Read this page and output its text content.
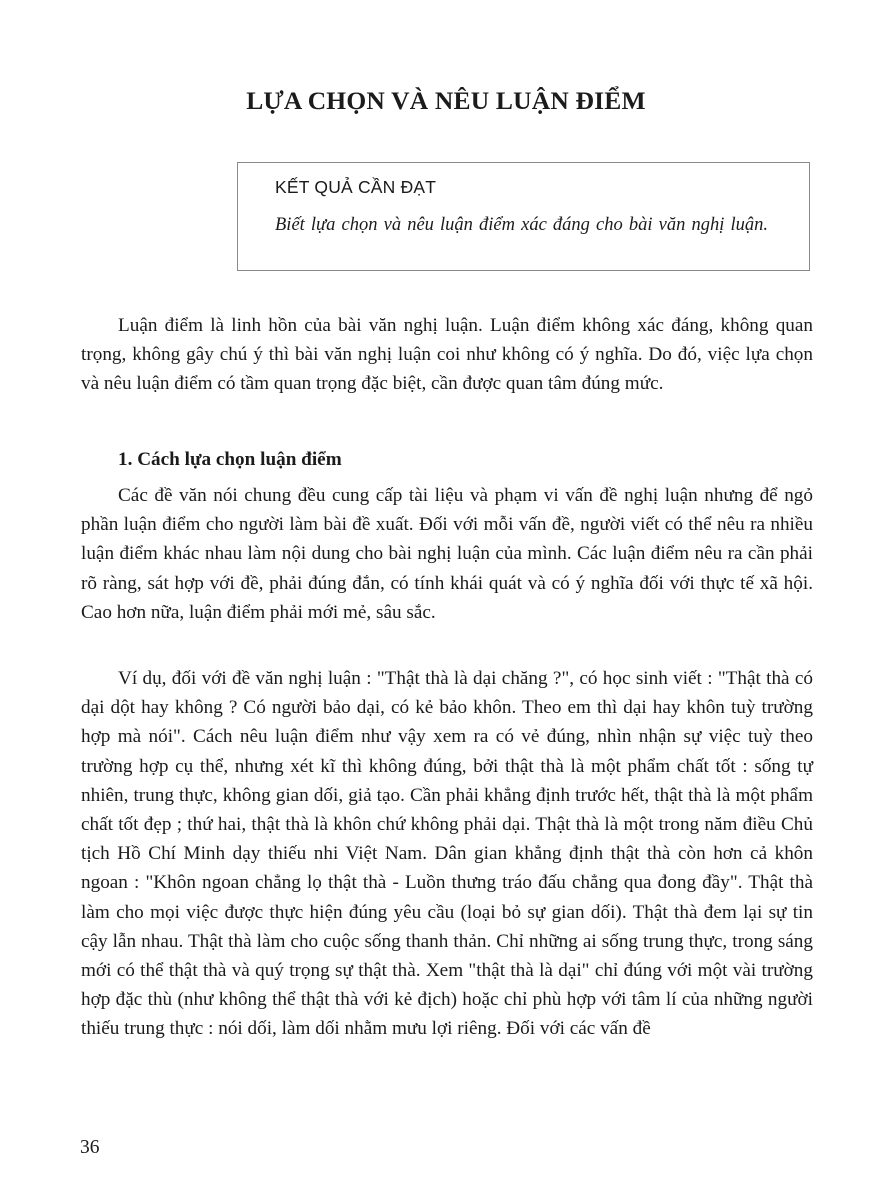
LỰA CHỌN VÀ NÊU LUẬN ĐIỂM

KẾT QUẢ CẦN ĐẠT

Biết lựa chọn và nêu luận điểm xác đáng cho bài văn nghị luận.

Luận điểm là linh hồn của bài văn nghị luận. Luận điểm không xác đáng, không quan trọng, không gây chú ý thì bài văn nghị luận coi như không có ý nghĩa. Do đó, việc lựa chọn và nêu luận điểm có tầm quan trọng đặc biệt, cần được quan tâm đúng mức.

1. Cách lựa chọn luận điểm

Các đề văn nói chung đều cung cấp tài liệu và phạm vi vấn đề nghị luận nhưng để ngỏ phần luận điểm cho người làm bài đề xuất. Đối với mỗi vấn đề, người viết có thể nêu ra nhiều luận điểm khác nhau làm nội dung cho bài nghị luận của mình. Các luận điểm nêu ra cần phải rõ ràng, sát hợp với đề, phải đúng đắn, có tính khái quát và có ý nghĩa đối với thực tế xã hội. Cao hơn nữa, luận điểm phải mới mẻ, sâu sắc.

Ví dụ, đối với đề văn nghị luận : "Thật thà là dại chăng ?", có học sinh viết : "Thật thà có dại dột hay không ? Có người bảo dại, có kẻ bảo khôn. Theo em thì dại hay khôn tuỳ trường hợp mà nói". Cách nêu luận điểm như vậy xem ra có vẻ đúng, nhìn nhận sự việc tuỳ theo trường hợp cụ thể, nhưng xét kĩ thì không đúng, bởi thật thà là một phẩm chất tốt : sống tự nhiên, trung thực, không gian dối, giả tạo. Cần phải khẳng định trước hết, thật thà là một phẩm chất tốt đẹp ; thứ hai, thật thà là khôn chứ không phải dại. Thật thà là một trong năm điều Chủ tịch Hồ Chí Minh dạy thiếu nhi Việt Nam. Dân gian khẳng định thật thà còn hơn cả khôn ngoan : "Khôn ngoan chẳng lọ thật thà - Luồn thưng tráo đấu chẳng qua đong đầy". Thật thà làm cho mọi việc được thực hiện đúng yêu cầu (loại bỏ sự gian dối). Thật thà đem lại sự tin cậy lẫn nhau. Thật thà làm cho cuộc sống thanh thản. Chỉ những ai sống trung thực, trong sáng mới có thể thật thà và quý trọng sự thật thà. Xem "thật thà là dại" chỉ đúng với một vài trường hợp đặc thù (như không thể thật thà với kẻ địch) hoặc chỉ phù hợp với tâm lí của những người thiếu trung thực : nói dối, làm dối nhằm mưu lợi riêng. Đối với các vấn đề

36
